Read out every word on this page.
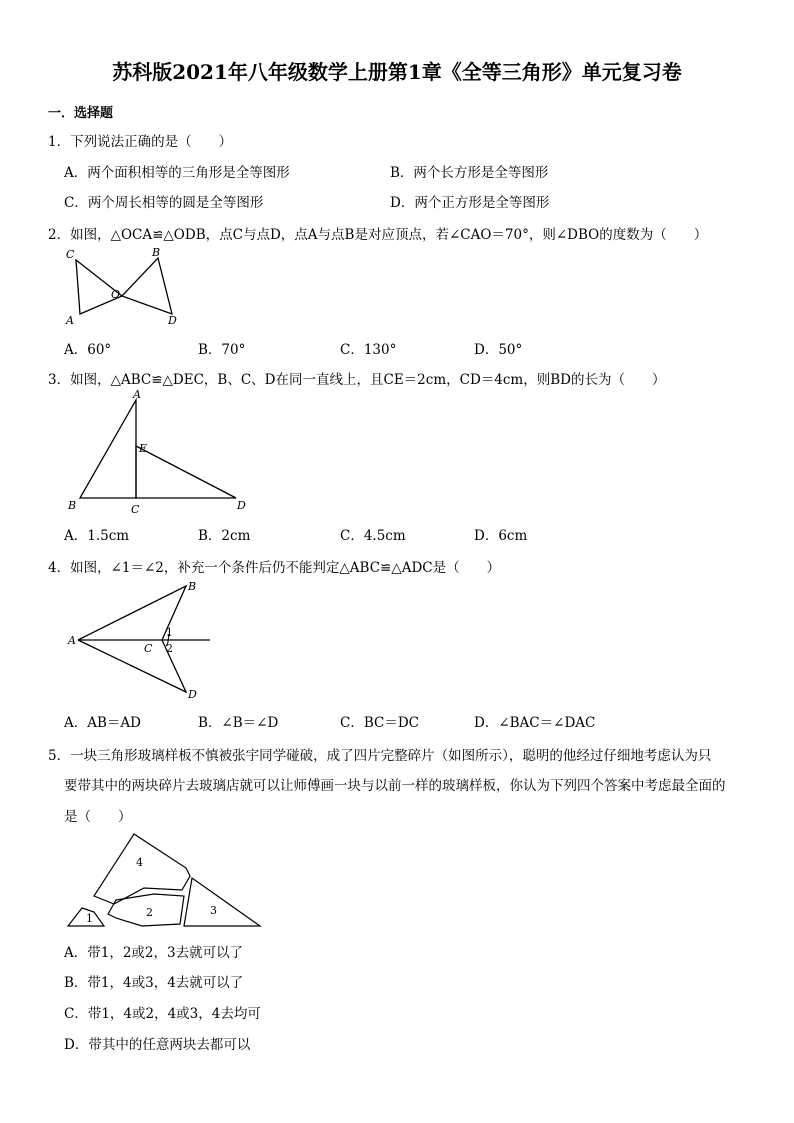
苏科版2021年八年级数学上册第1章《全等三角形》单元复习卷
一．选择题
1．下列说法正确的是（　　）
A．两个面积相等的三角形是全等图形	B．两个长方形是全等图形
C．两个周长相等的圆是全等图形	D．两个正方形是全等图形
2．如图，△OCA≌△ODB，点C与点D，点A与点B是对应顶点，若∠CAO＝70°，则∠DBO的度数为（　　）
C	B
O
A	D
A．60°	B．70°	C．130°	D．50°
3．如图，△ABC≌△DEC，B、C、D在同一直线上，且CE＝2cm，CD＝4cm，则BD的长为（　　）
A
E
B	C	D
A．1.5cm	B．2cm	C．4.5cm	D．6cm
4．如图，∠1＝∠2，补充一个条件后仍不能判定△ABC≌△ADC是（　　）
B
A
C
1
2
D
A．AB＝AD	B．∠B＝∠D	C．BC＝DC	D．∠BAC＝∠DAC
5．一块三角形玻璃样板不慎被张宇同学碰破，成了四片完整碎片（如图所示），聪明的他经过仔细地考虑认为只
要带其中的两块碎片去玻璃店就可以让师傅画一块与以前一样的玻璃样板，你认为下列四个答案中考虑最全面的
是（　　）
4
1	2	3
A．带1，2或2，3去就可以了
B．带1，4或3，4去就可以了
C．带1，4或2，4或3，4去均可
D．带其中的任意两块去都可以
